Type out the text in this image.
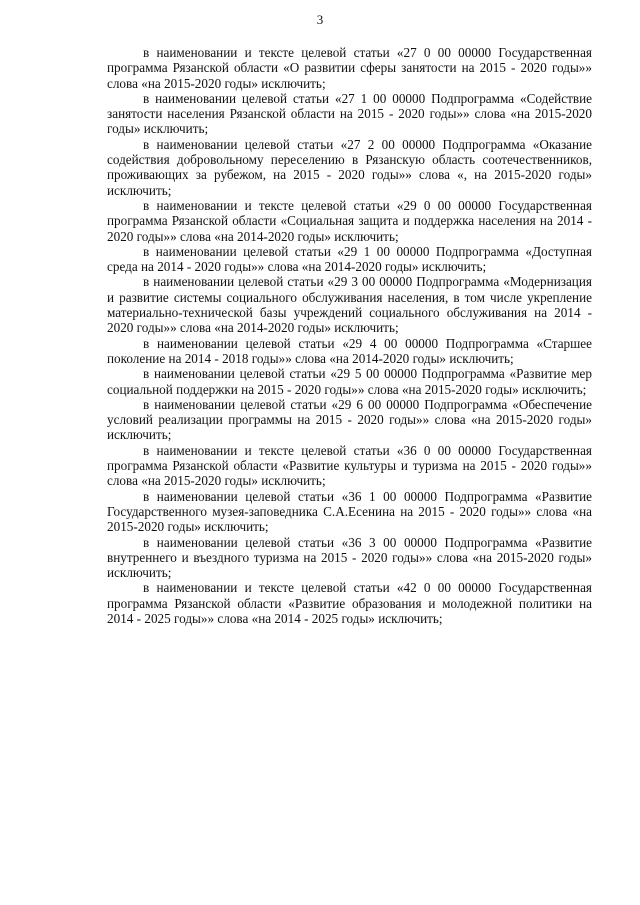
3

в наименовании и тексте целевой статьи «27 0 00 00000 Государственная программа Рязанской области «О развитии сферы занятости на 2015 - 2020 годы»» слова «на 2015-2020 годы» исключить;

в наименовании целевой статьи «27 1 00 00000 Подпрограмма «Содействие занятости населения Рязанской области на 2015 - 2020 годы»» слова «на 2015-2020 годы» исключить;

в наименовании целевой статьи «27 2 00 00000 Подпрограмма «Оказание содействия добровольному переселению в Рязанскую область соотечественников, проживающих за рубежом, на 2015 - 2020 годы»» слова «, на 2015-2020 годы» исключить;

в наименовании и тексте целевой статьи «29 0 00 00000 Государственная программа Рязанской области «Социальная защита и поддержка населения на 2014 - 2020 годы»» слова «на 2014-2020 годы» исключить;

в наименовании целевой статьи «29 1 00 00000 Подпрограмма «Доступная среда на 2014 - 2020 годы»» слова «на 2014-2020 годы» исключить;

в наименовании целевой статьи «29 3 00 00000 Подпрограмма «Модернизация и развитие системы социального обслуживания населения, в том числе укрепление материально-технической базы учреждений социального обслуживания на 2014 - 2020 годы»» слова «на 2014-2020 годы» исключить;

в наименовании целевой статьи «29 4 00 00000 Подпрограмма «Старшее поколение на 2014 - 2018 годы»» слова «на 2014-2020 годы» исключить;

в наименовании целевой статьи «29 5 00 00000 Подпрограмма «Развитие мер социальной поддержки на 2015 - 2020 годы»» слова «на 2015-2020 годы» исключить;

в наименовании целевой статьи «29 6 00 00000 Подпрограмма «Обеспечение условий реализации программы на 2015 - 2020 годы»» слова «на 2015-2020 годы» исключить;

в наименовании и тексте целевой статьи «36 0 00 00000 Государственная программа Рязанской области «Развитие культуры и туризма на 2015 - 2020 годы»» слова «на 2015-2020 годы» исключить;

в наименовании целевой статьи «36 1 00 00000 Подпрограмма «Развитие Государственного музея-заповедника С.А.Есенина на 2015 - 2020 годы»» слова «на 2015-2020 годы» исключить;

в наименовании целевой статьи «36 3 00 00000 Подпрограмма «Развитие внутреннего и въездного туризма на 2015 - 2020 годы»» слова «на 2015-2020 годы» исключить;

в наименовании и тексте целевой статьи «42 0 00 00000 Государственная программа Рязанской области «Развитие образования и молодежной политики на 2014 - 2025 годы»» слова «на 2014 - 2025 годы» исключить;
